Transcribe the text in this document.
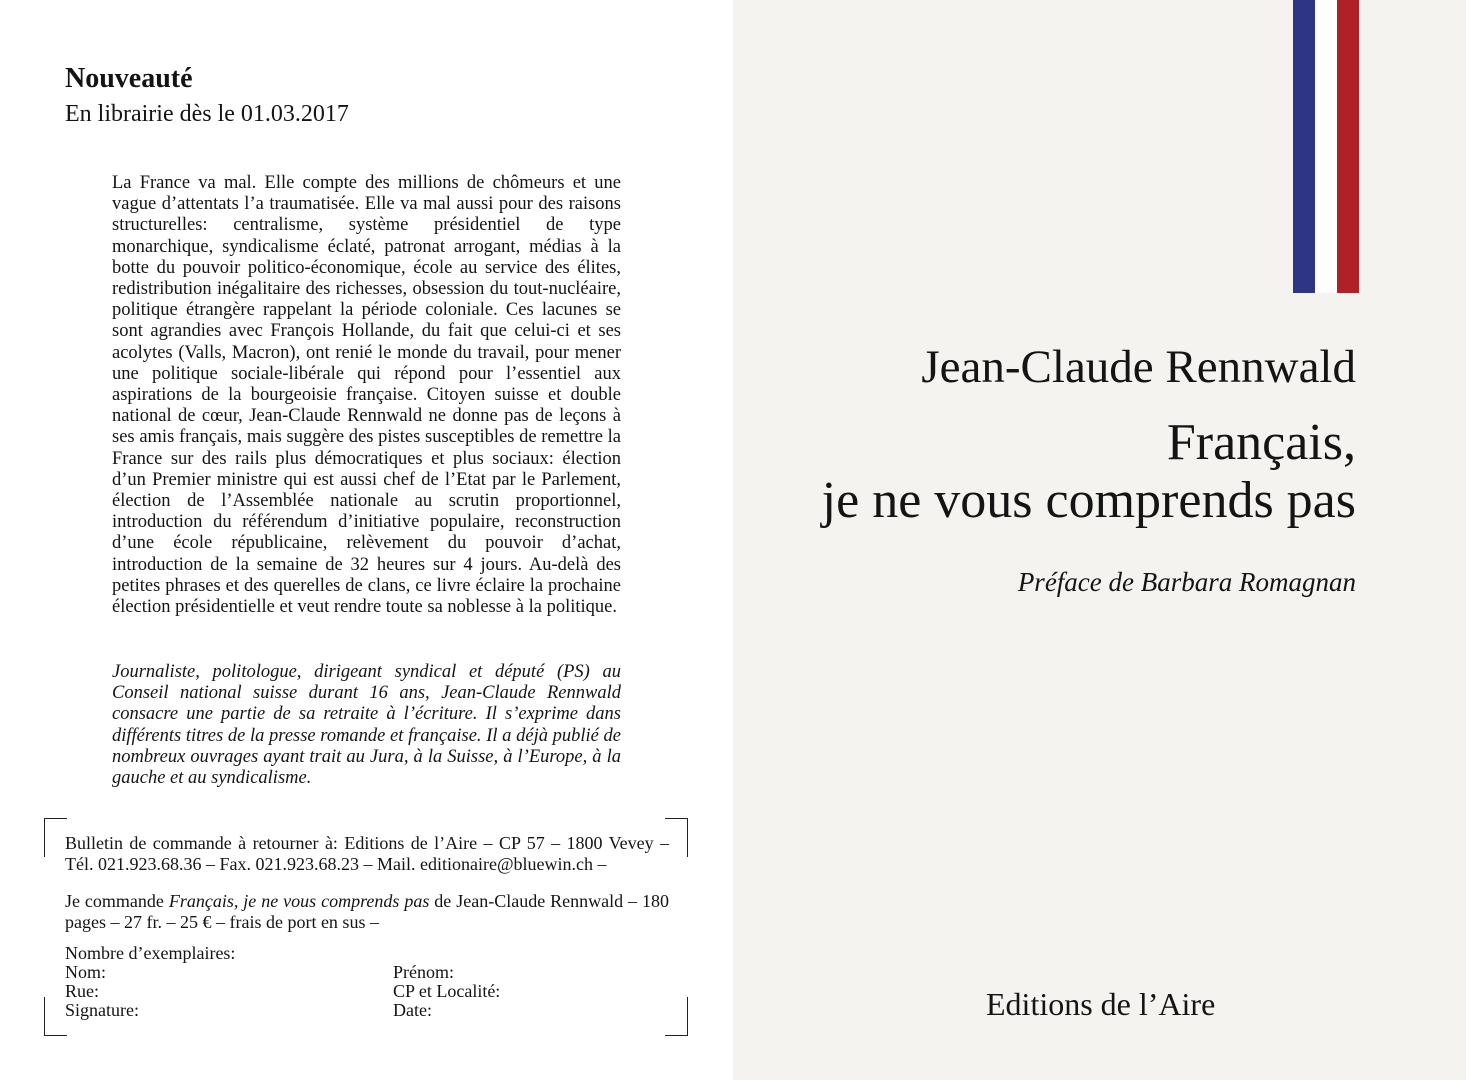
Nouveauté
En librairie dès le 01.03.2017

La France va mal. Elle compte des millions de chômeurs et une vague d’attentats l’a traumatisée. Elle va mal aussi pour des raisons structurelles: centralisme, système présidentiel de type monarchique, syndicalisme éclaté, patronat arrogant, médias à la botte du pouvoir politico-économique, école au service des élites, redistribution inégalitaire des richesses, obsession du tout-nucléaire, politique étrangère rappelant la période coloniale. Ces lacunes se sont agrandies avec François Hollande, du fait que celui-ci et ses acolytes (Valls, Macron), ont renié le monde du travail, pour mener une politique sociale-libérale qui répond pour l’essentiel aux aspirations de la bourgeoisie française. Citoyen suisse et double national de cœur, Jean-Claude Rennwald ne donne pas de leçons à ses amis français, mais suggère des pistes susceptibles de remettre la France sur des rails plus démocratiques et plus sociaux: élection d’un Premier ministre qui est aussi chef de l’Etat par le Parlement, élection de l’Assemblée nationale au scrutin proportionnel, introduction du référendum d’initiative populaire, reconstruction d’une école républicaine, relèvement du pouvoir d’achat, introduction de la semaine de 32 heures sur 4 jours. Au-delà des petites phrases et des querelles de clans, ce livre éclaire la prochaine élection présidentielle et veut rendre toute sa noblesse à la politique.

Journaliste, politologue, dirigeant syndical et député (PS) au Conseil national suisse durant 16 ans, Jean-Claude Rennwald consacre une partie de sa retraite à l’écriture. Il s’exprime dans différents titres de la presse romande et française. Il a déjà publié de nombreux ouvrages ayant trait au Jura, à la Suisse, à l’Europe, à la gauche et au syndicalisme.

Bulletin de commande à retourner à: Editions de l’Aire – CP 57 – 1800 Vevey – Tél. 021.923.68.36 – Fax. 021.923.68.23 – Mail. editionaire@bluewin.ch –

Je commande Français, je ne vous comprends pas de Jean-Claude Rennwald – 180 pages – 27 fr. – 25 € – frais de port en sus –

Nombre d’exemplaires:
Nom:	Prénom:
Rue:	CP et Localité:
Signature:	Date:
Jean-Claude Rennwald
Français,
je ne vous comprends pas
Préface de Barbara Romagnan
Editions de l’Aire
